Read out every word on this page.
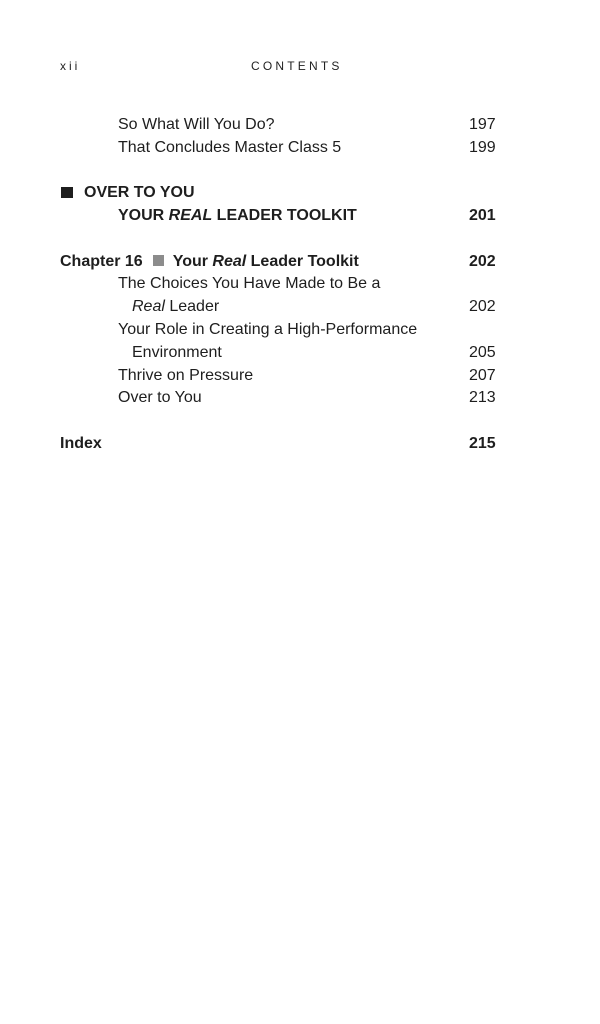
xii	CONTENTS
So What Will You Do?	197
That Concludes Master Class 5	199
OVER TO YOU
YOUR REAL LEADER TOOLKIT	201
Chapter 16 Your Real Leader Toolkit	202
The Choices You Have Made to Be a
Real Leader	202
Your Role in Creating a High-Performance
Environment	205
Thrive on Pressure	207
Over to You	213
Index	215
